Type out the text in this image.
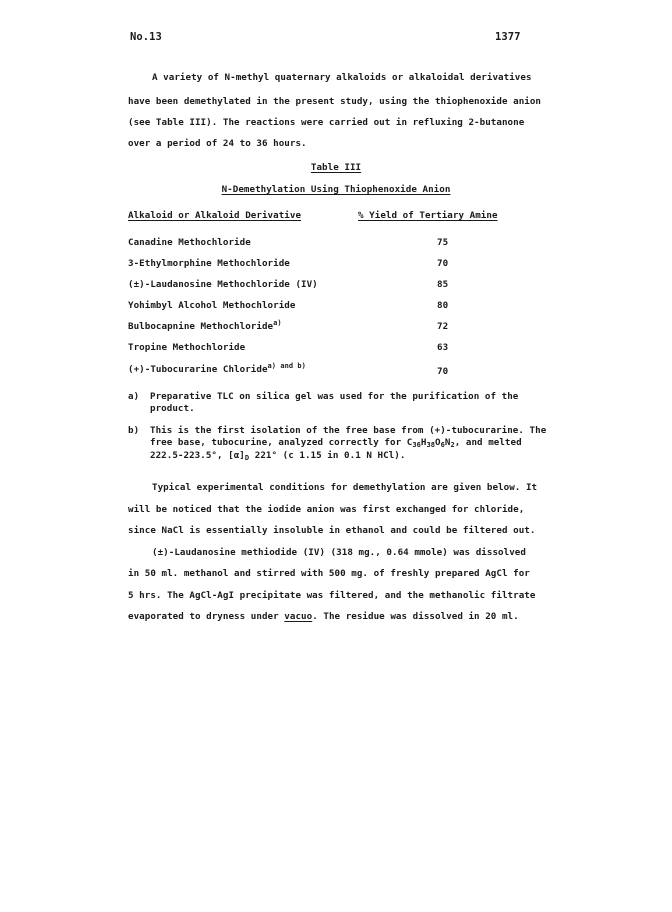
No.13	1377
A variety of N-methyl quaternary alkaloids or alkaloidal derivatives
have been demethylated in the present study, using the thiophenoxide anion
(see Table III). The reactions were carried out in refluxing 2-butanone
over a period of 24 to 36 hours.
Table III
N-Demethylation Using Thiophenoxide Anion
Alkaloid or Alkaloid Derivative	% Yield of Tertiary Amine
Canadine Methochloride	75
3-Ethylmorphine Methochloride	70
(±)-Laudanosine Methochloride (IV)	85
Yohimbyl Alcohol Methochloride	80
Bulbocapnine Methochloride$^{a)}$	72
Tropine Methochloride	63
(+)-Tubocurarine Chloride$^{a) and b)}$	70
a) Preparative TLC on silica gel was used for the purification of the
product.
b) This is the first isolation of the free base from (+)-tubocurarine. The
free base, tubocurine, analyzed correctly for $C_{36}H_{38}O_6N_2$, and melted
222.5-223.5°, $[\alpha]_D$ 221° (c 1.15 in 0.1 N HCl).
Typical experimental conditions for demethylation are given below. It
will be noticed that the iodide anion was first exchanged for chloride,
since NaCl is essentially insoluble in ethanol and could be filtered out.
(±)-Laudanosine methiodide (IV) (318 mg., 0.64 mmole) was dissolved
in 50 ml. methanol and stirred with 500 mg. of freshly prepared AgCl for
5 hrs. The AgCl-AgI precipitate was filtered, and the methanolic filtrate
evaporated to dryness under vacuo. The residue was dissolved in 20 ml.
